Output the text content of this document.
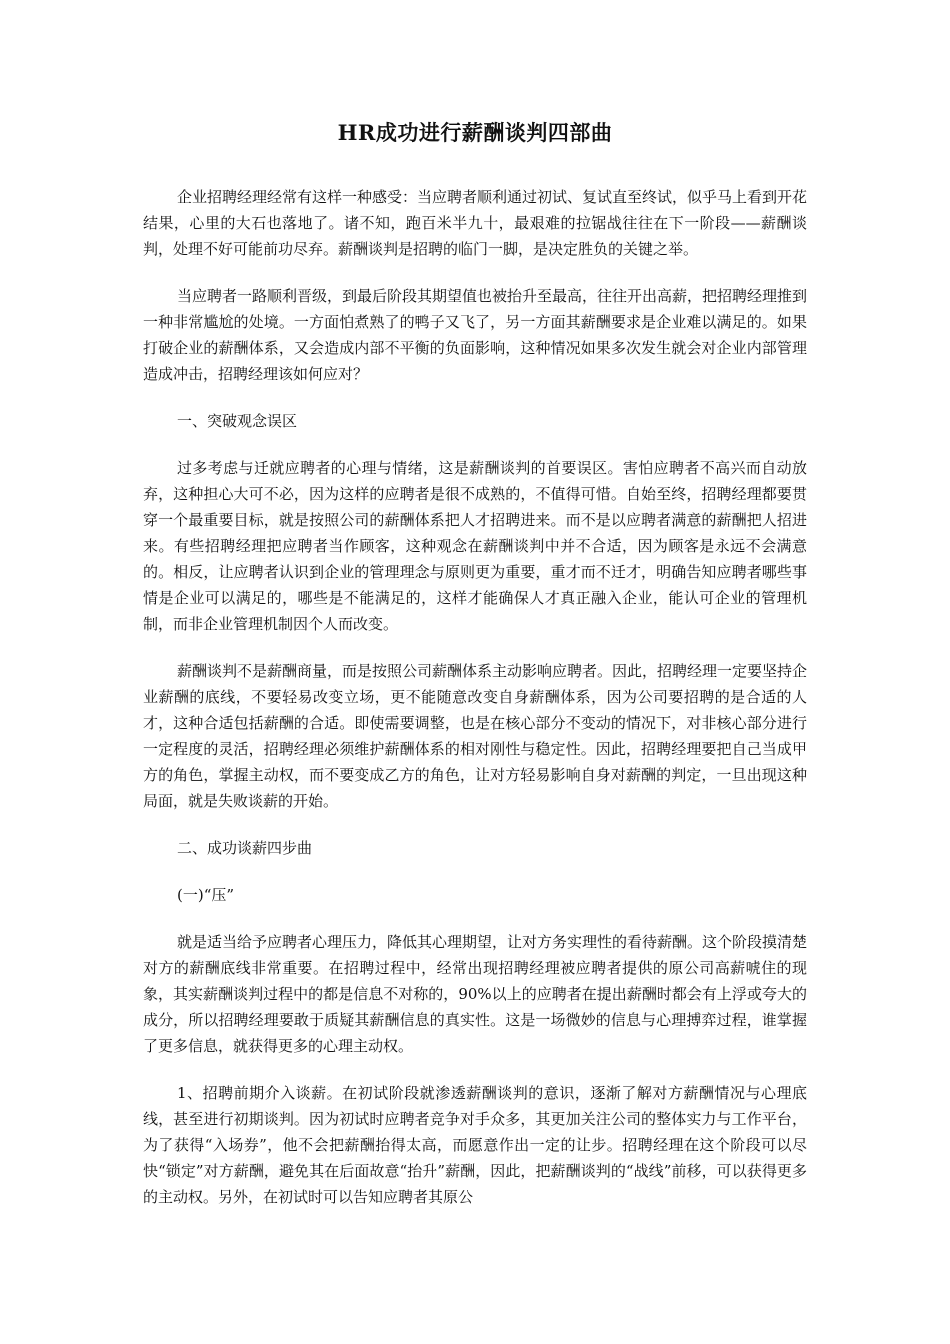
HR成功进行薪酬谈判四部曲

企业招聘经理经常有这样一种感受：当应聘者顺利通过初试、复试直至终试，似乎马上看到开花结果，心里的大石也落地了。诸不知，跑百米半九十，最艰难的拉锯战往往在下一阶段——薪酬谈判，处理不好可能前功尽弃。薪酬谈判是招聘的临门一脚，是决定胜负的关键之举。

当应聘者一路顺利晋级，到最后阶段其期望值也被抬升至最高，往往开出高薪，把招聘经理推到一种非常尴尬的处境。一方面怕煮熟了的鸭子又飞了，另一方面其薪酬要求是企业难以满足的。如果打破企业的薪酬体系，又会造成内部不平衡的负面影响，这种情况如果多次发生就会对企业内部管理造成冲击，招聘经理该如何应对？

一、突破观念误区

过多考虑与迁就应聘者的心理与情绪，这是薪酬谈判的首要误区。害怕应聘者不高兴而自动放弃，这种担心大可不必，因为这样的应聘者是很不成熟的，不值得可惜。自始至终，招聘经理都要贯穿一个最重要目标，就是按照公司的薪酬体系把人才招聘进来。而不是以应聘者满意的薪酬把人招进来。有些招聘经理把应聘者当作顾客，这种观念在薪酬谈判中并不合适，因为顾客是永远不会满意的。相反，让应聘者认识到企业的管理理念与原则更为重要，重才而不迁才，明确告知应聘者哪些事情是企业可以满足的，哪些是不能满足的，这样才能确保人才真正融入企业，能认可企业的管理机制，而非企业管理机制因个人而改变。

薪酬谈判不是薪酬商量，而是按照公司薪酬体系主动影响应聘者。因此，招聘经理一定要坚持企业薪酬的底线，不要轻易改变立场，更不能随意改变自身薪酬体系，因为公司要招聘的是合适的人才，这种合适包括薪酬的合适。即使需要调整，也是在核心部分不变动的情况下，对非核心部分进行一定程度的灵活，招聘经理必须维护薪酬体系的相对刚性与稳定性。因此，招聘经理要把自己当成甲方的角色，掌握主动权，而不要变成乙方的角色，让对方轻易影响自身对薪酬的判定，一旦出现这种局面，就是失败谈薪的开始。

二、成功谈薪四步曲

(一)“压”

就是适当给予应聘者心理压力，降低其心理期望，让对方务实理性的看待薪酬。这个阶段摸清楚对方的薪酬底线非常重要。在招聘过程中，经常出现招聘经理被应聘者提供的原公司高薪唬住的现象，其实薪酬谈判过程中的都是信息不对称的，90%以上的应聘者在提出薪酬时都会有上浮或夸大的成分，所以招聘经理要敢于质疑其薪酬信息的真实性。这是一场微妙的信息与心理搏弈过程，谁掌握了更多信息，就获得更多的心理主动权。

1、招聘前期介入谈薪。在初试阶段就渗透薪酬谈判的意识，逐渐了解对方薪酬情况与心理底线，甚至进行初期谈判。因为初试时应聘者竞争对手众多，其更加关注公司的整体实力与工作平台，为了获得“入场券”，他不会把薪酬抬得太高，而愿意作出一定的让步。招聘经理在这个阶段可以尽快“锁定”对方薪酬，避免其在后面故意“抬升”薪酬，因此，把薪酬谈判的“战线”前移，可以获得更多的主动权。另外，在初试时可以告知应聘者其原公
